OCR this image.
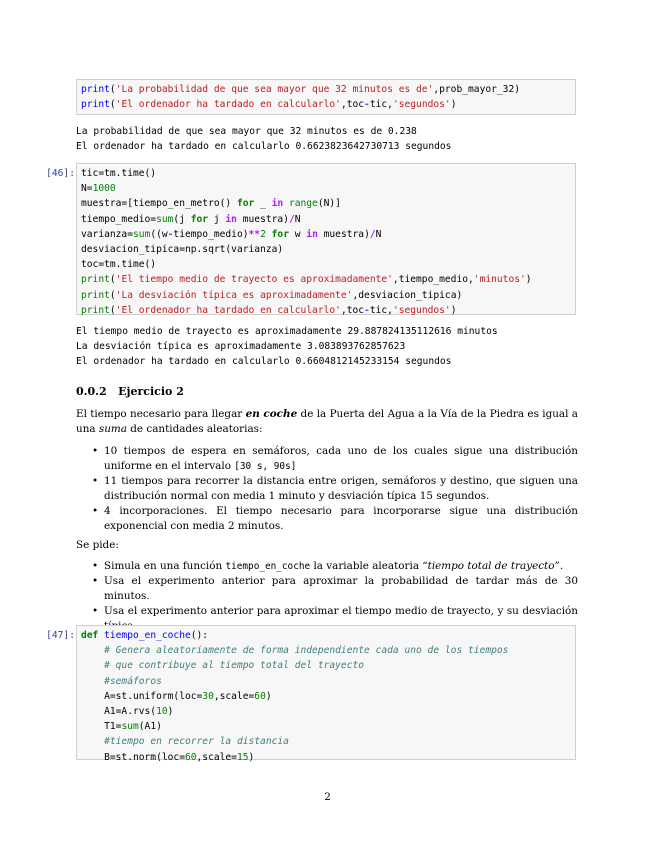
print('La probabilidad de que sea mayor que 32 minutos es de',prob_mayor_32)
print('El ordenador ha tardado en calcularlo',toc-tic,'segundos')
La probabilidad de que sea mayor que 32 minutos es de 0.238
El ordenador ha tardado en calcularlo 0.6623823642730713 segundos
[46]: tic=tm.time()
N=1000
muestra=[tiempo_en_metro() for _ in range(N)]
tiempo_medio=sum(j for j in muestra)/N
varianza=sum((w-tiempo_medio)**2 for w in muestra)/N
desviacion_tipica=np.sqrt(varianza)
toc=tm.time()
print('El tiempo medio de trayecto es aproximadamente',tiempo_medio,'minutos')
print('La desviación típica es aproximadamente',desviacion_tipica)
print('El ordenador ha tardado en calcularlo',toc-tic,'segundos')
El tiempo medio de trayecto es aproximadamente 29.887824135112616 minutos
La desviación típica es aproximadamente 3.083893762857623
El ordenador ha tardado en calcularlo 0.6604812145233154 segundos
0.0.2 Ejercicio 2
El tiempo necesario para llegar en coche de la Puerta del Agua a la Vía de la Piedra es igual a una suma de cantidades aleatorias:
• 10 tiempos de espera en semáforos, cada uno de los cuales sigue una distribución uniforme en el intervalo [30 s, 90s]
• 11 tiempos para recorrer la distancia entre origen, semáforos y destino, que siguen una distribución normal con media 1 minuto y desviación típica 15 segundos.
• 4 incorporaciones. El tiempo necesario para incorporarse sigue una distribución exponencial con media 2 minutos.
Se pide:
• Simula en una función tiempo_en_coche la variable aleatoria “tiempo total de trayecto”.
• Usa el experimento anterior para aproximar la probabilidad de tardar más de 30 minutos.
• Usa el experimento anterior para aproximar el tiempo medio de trayecto, y su desviación
[47]: def tiempo_en_coche():
# Genera aleatoriamente de forma independiente cada uno de los tiempos
# que contribuye al tiempo total del trayecto
#semáforos
A=st.uniform(loc=30,scale=60)
A1=A.rvs(10)
T1=sum(A1)
#tiempo en recorrer la distancia
B=st.norm(loc=60,scale=15)
2
